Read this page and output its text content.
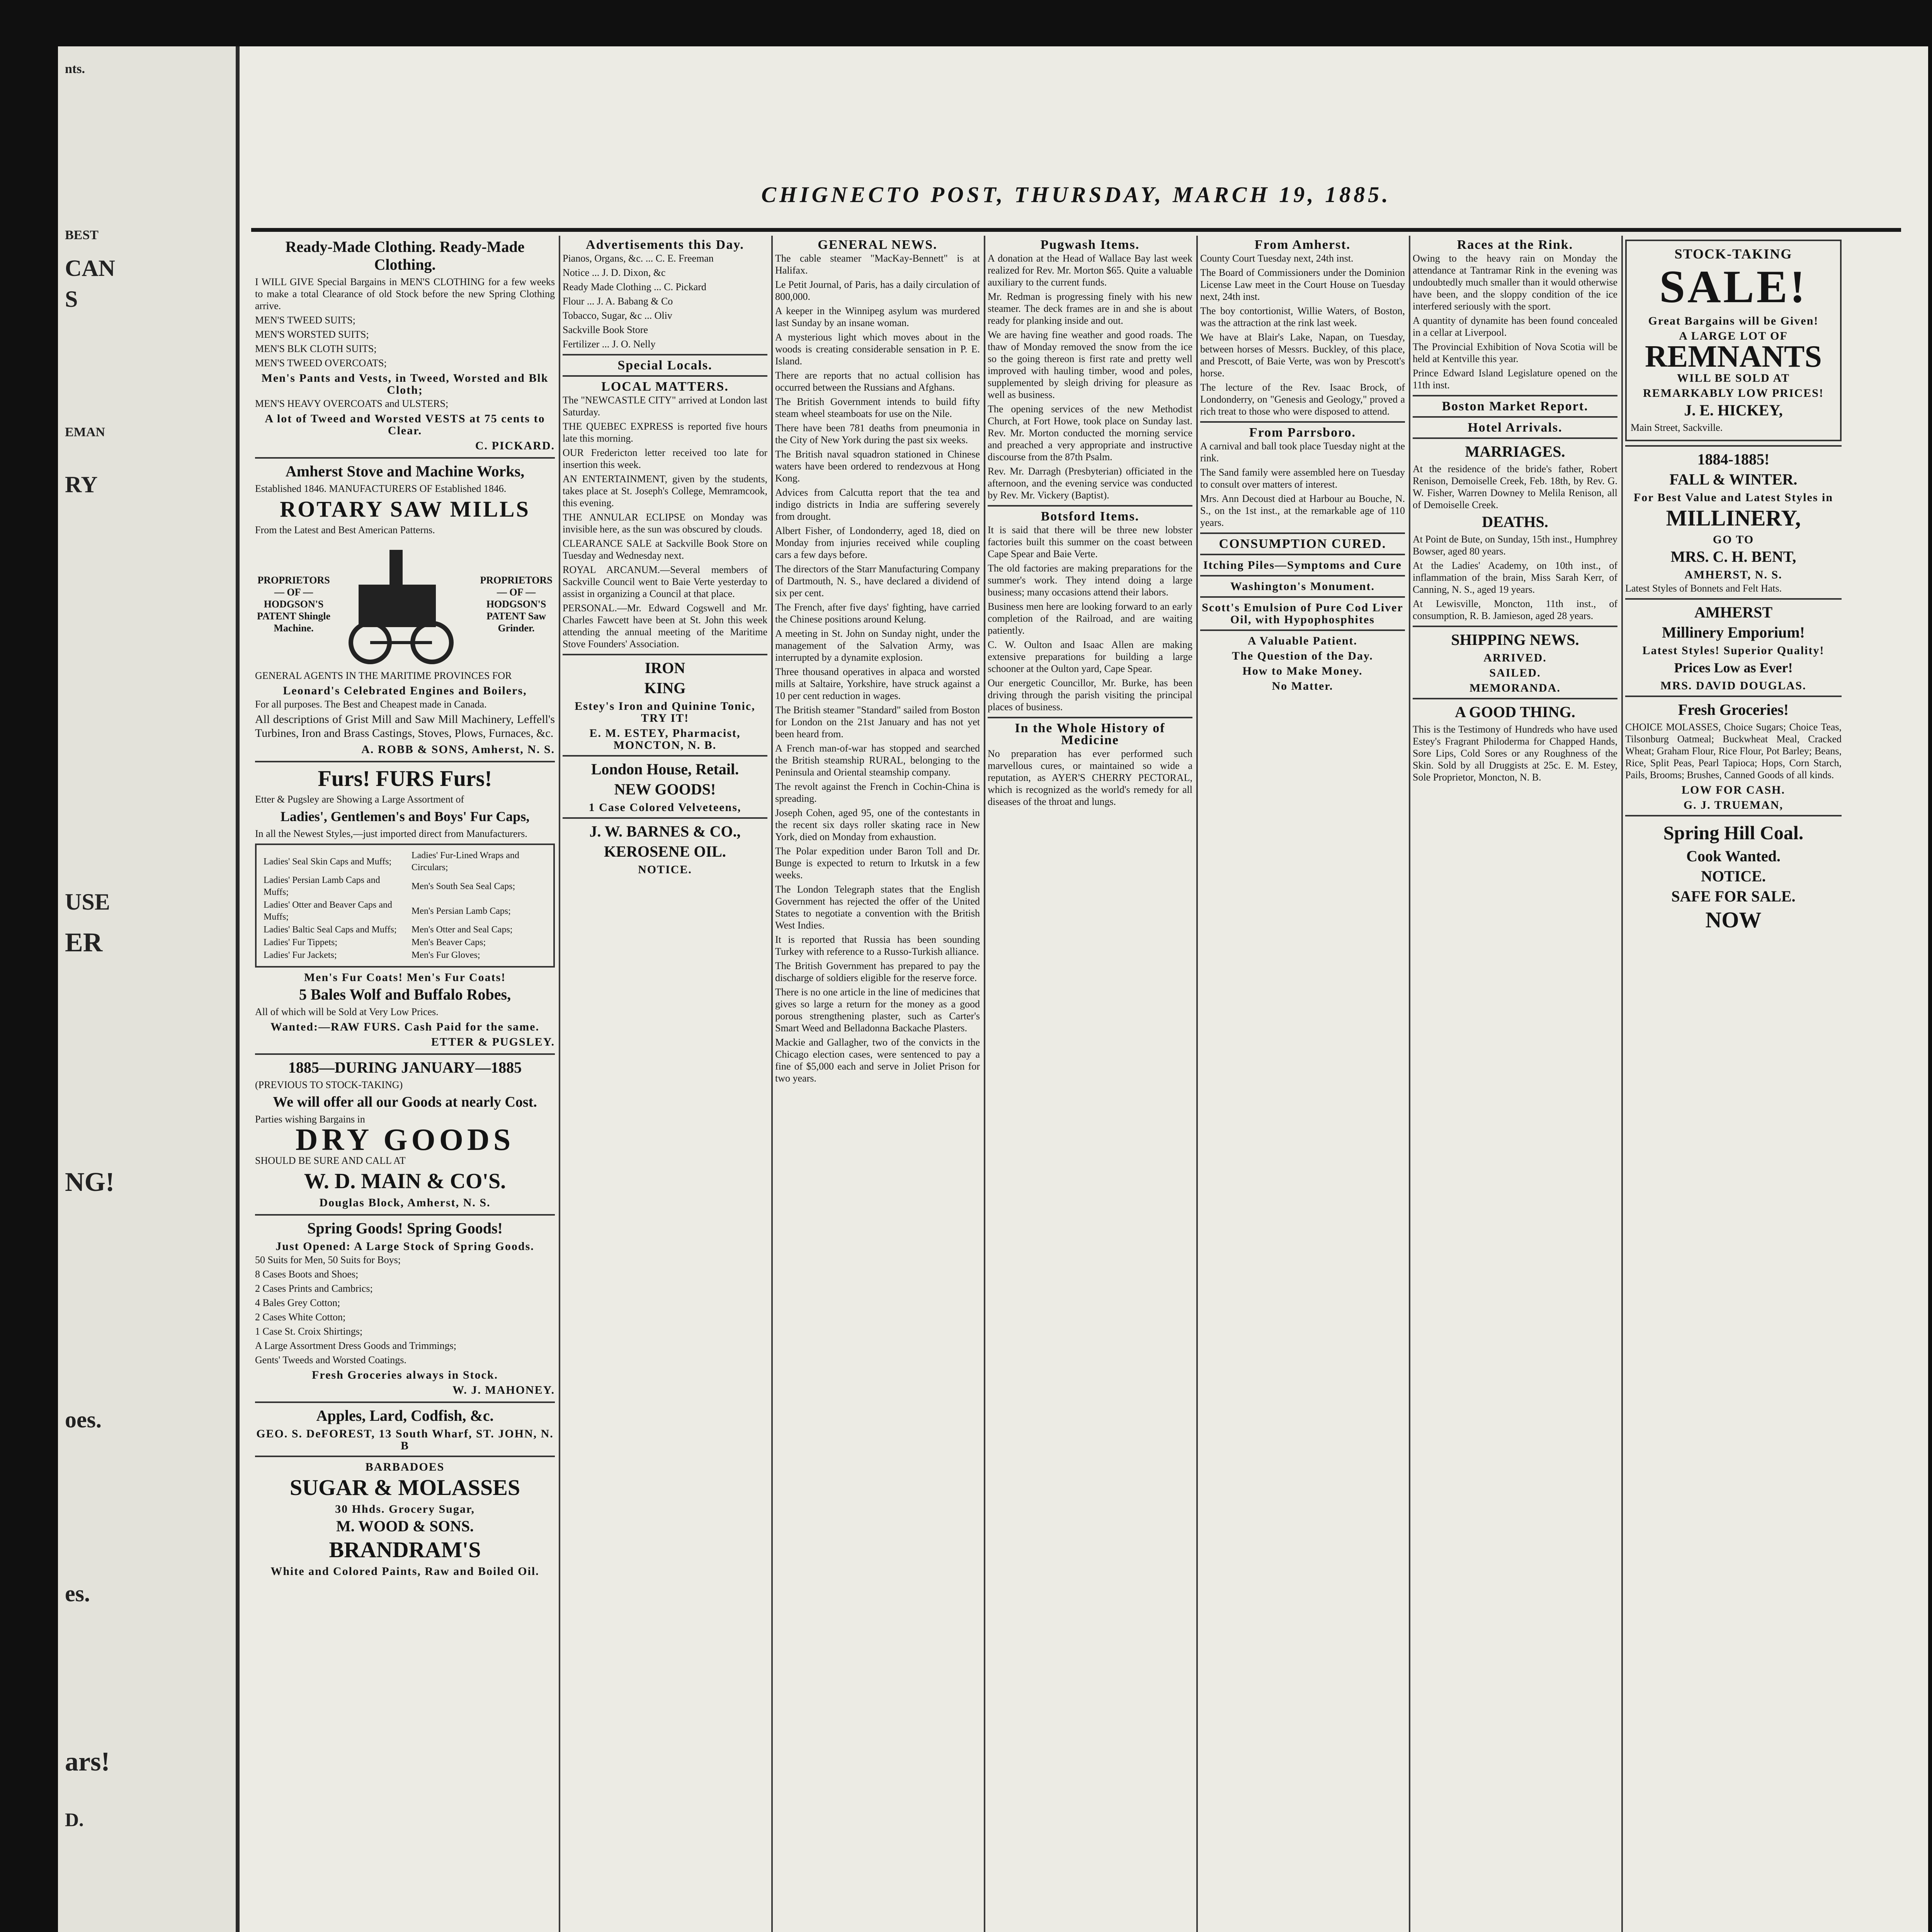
nts.
BEST
CAN
S
EMAN
RY
USE
ER
NG!
oes.
es.
ars!
D.
CHIGNECTO POST, THURSDAY, MARCH 19, 1885.
Ready-Made Clothing. Ready-Made Clothing.

I WILL GIVE Special Bargains in MEN'S CLOTHING for a few weeks to make a total Clearance of old Stock before the new Spring Clothing arrive.

MEN'S TWEED SUITS;

MEN'S WORSTED SUITS;

MEN'S BLK CLOTH SUITS;

MEN'S TWEED OVERCOATS;

Men's Pants and Vests, in Tweed, Worsted and Blk Cloth;

MEN'S HEAVY OVERCOATS and ULSTERS;

A lot of Tweed and Worsted VESTS at 75 cents to Clear.
C. PICKARD.
Amherst Stove and Machine Works,

Established 1846. MANUFACTURERS OF Established 1846.

ROTARY SAW MILLS

From the Latest and Best American Patterns.

PROPRIETORS — OF — HODGSON'S PATENT Shingle Machine.
PROPRIETORS — OF — HODGSON'S PATENT Saw Grinder.

GENERAL AGENTS IN THE MARITIME PROVINCES FOR

Leonard's Celebrated Engines and Boilers,

For all purposes. The Best and Cheapest made in Canada.

All descriptions of Grist Mill and Saw Mill Machinery, Leffell's Turbines, Iron and Brass Castings, Stoves, Plows, Furnaces, &c.

A. ROBB & SONS, Amherst, N. S.
Furs! FURS Furs!

Etter & Pugsley are Showing a Large Assortment of

Ladies', Gentlemen's and Boys' Fur Caps,

In all the Newest Styles,—just imported direct from Manufacturers.

Ladies' Seal Skin Caps and Muffs;	Ladies' Fur-Lined Wraps and Circulars;
Ladies' Persian Lamb Caps and Muffs;	Men's South Sea Seal Caps;
Ladies' Otter and Beaver Caps and Muffs;	Men's Persian Lamb Caps;
Ladies' Baltic Seal Caps and Muffs;	Men's Otter and Seal Caps;
Ladies' Fur Tippets;	Men's Beaver Caps;
Ladies' Fur Jackets;	Men's Fur Gloves;
Men's Fur Coats! Men's Fur Coats!
5 Bales Wolf and Buffalo Robes,

All of which will be Sold at Very Low Prices.

Wanted:—RAW FURS. Cash Paid for the same.
ETTER & PUGSLEY.
1885—DURING JANUARY—1885

(PREVIOUS TO STOCK-TAKING)

We will offer all our Goods at nearly Cost.

Parties wishing Bargains in

DRY GOODS

SHOULD BE SURE AND CALL AT

W. D. MAIN & CO'S.
Douglas Block, Amherst, N. S.
Spring Goods! Spring Goods!
Just Opened: A Large Stock of Spring Goods.

50 Suits for Men, 50 Suits for Boys;

8 Cases Boots and Shoes;

2 Cases Prints and Cambrics;

4 Bales Grey Cotton;

2 Cases White Cotton;

1 Case St. Croix Shirtings;

A Large Assortment Dress Goods and Trimmings;

Gents' Tweeds and Worsted Coatings.

Fresh Groceries always in Stock.
W. J. MAHONEY.
Apples, Lard, Codfish, &c.
GEO. S. DeFOREST, 13 South Wharf, ST. JOHN, N. B
BARBADOES
SUGAR & MOLASSES
30 Hhds. Grocery Sugar,
M. WOOD & SONS.
BRANDRAM'S
White and Colored Paints, Raw and Boiled Oil.
Advertisements this Day.

Pianos, Organs, &c. ... C. E. Freeman

Notice ... J. D. Dixon, &c

Ready Made Clothing ... C. Pickard

Flour ... J. A. Babang & Co

Tobacco, Sugar, &c ... Oliv

Sackville Book Store

Fertilizer ... J. O. Nelly

Special Locals.
LOCAL MATTERS.

The "NEWCASTLE CITY" arrived at London last Saturday.

THE QUEBEC EXPRESS is reported five hours late this morning.

OUR Fredericton letter received too late for insertion this week.

AN ENTERTAINMENT, given by the students, takes place at St. Joseph's College, Memramcook, this evening.

THE ANNULAR ECLIPSE on Monday was invisible here, as the sun was obscured by clouds.

CLEARANCE SALE at Sackville Book Store on Tuesday and Wednesday next.

ROYAL ARCANUM.—Several members of Sackville Council went to Baie Verte yesterday to assist in organizing a Council at that place.

PERSONAL.—Mr. Edward Cogswell and Mr. Charles Fawcett have been at St. John this week attending the annual meeting of the Maritime Stove Founders' Association.

IRON
KING
Estey's Iron and Quinine Tonic, TRY IT!
E. M. ESTEY, Pharmacist, MONCTON, N. B.
London House, Retail.
NEW GOODS!
1 Case Colored Velveteens,
J. W. BARNES & CO.,
KEROSENE OIL.
NOTICE.
GENERAL NEWS.

The cable steamer "MacKay-Bennett" is at Halifax.

Le Petit Journal, of Paris, has a daily circulation of 800,000.

A keeper in the Winnipeg asylum was murdered last Sunday by an insane woman.

A mysterious light which moves about in the woods is creating considerable sensation in P. E. Island.

There are reports that no actual collision has occurred between the Russians and Afghans.

The British Government intends to build fifty steam wheel steamboats for use on the Nile.

There have been 781 deaths from pneumonia in the City of New York during the past six weeks.

The British naval squadron stationed in Chinese waters have been ordered to rendezvous at Hong Kong.

Advices from Calcutta report that the tea and indigo districts in India are suffering severely from drought.

Albert Fisher, of Londonderry, aged 18, died on Monday from injuries received while coupling cars a few days before.

The directors of the Starr Manufacturing Company of Dartmouth, N. S., have declared a dividend of six per cent.

The French, after five days' fighting, have carried the Chinese positions around Kelung.

A meeting in St. John on Sunday night, under the management of the Salvation Army, was interrupted by a dynamite explosion.

Three thousand operatives in alpaca and worsted mills at Saltaire, Yorkshire, have struck against a 10 per cent reduction in wages.

The British steamer "Standard" sailed from Boston for London on the 21st January and has not yet been heard from.

A French man-of-war has stopped and searched the British steamship RURAL, belonging to the Peninsula and Oriental steamship company.

The revolt against the French in Cochin-China is spreading.

Joseph Cohen, aged 95, one of the contestants in the recent six days roller skating race in New York, died on Monday from exhaustion.

The Polar expedition under Baron Toll and Dr. Bunge is expected to return to Irkutsk in a few weeks.

The London Telegraph states that the English Government has rejected the offer of the United States to negotiate a convention with the British West Indies.

It is reported that Russia has been sounding Turkey with reference to a Russo-Turkish alliance.

The British Government has prepared to pay the discharge of soldiers eligible for the reserve force.

There is no one article in the line of medicines that gives so large a return for the money as a good porous strengthening plaster, such as Carter's Smart Weed and Belladonna Backache Plasters.

Mackie and Gallagher, two of the convicts in the Chicago election cases, were sentenced to pay a fine of $5,000 each and serve in Joliet Prison for two years.

Pugwash Items.

A donation at the Head of Wallace Bay last week realized for Rev. Mr. Morton $65. Quite a valuable auxiliary to the current funds.

Mr. Redman is progressing finely with his new steamer. The deck frames are in and she is about ready for planking inside and out.

We are having fine weather and good roads. The thaw of Monday removed the snow from the ice so the going thereon is first rate and pretty well improved with hauling timber, wood and poles, supplemented by sleigh driving for pleasure as well as business.

The opening services of the new Methodist Church, at Fort Howe, took place on Sunday last. Rev. Mr. Morton conducted the morning service and preached a very appropriate and instructive discourse from the 87th Psalm.

Rev. Mr. Darragh (Presbyterian) officiated in the afternoon, and the evening service was conducted by Rev. Mr. Vickery (Baptist).

Botsford Items.

It is said that there will be three new lobster factories built this summer on the coast between Cape Spear and Baie Verte.

The old factories are making preparations for the summer's work. They intend doing a large business; many occasions attend their labors.

Business men here are looking forward to an early completion of the Railroad, and are waiting patiently.

C. W. Oulton and Isaac Allen are making extensive preparations for building a large schooner at the Oulton yard, Cape Spear.

Our energetic Councillor, Mr. Burke, has been driving through the parish visiting the principal places of business.

In the Whole History of Medicine

No preparation has ever performed such marvellous cures, or maintained so wide a reputation, as AYER'S CHERRY PECTORAL, which is recognized as the world's remedy for all diseases of the throat and lungs.

From Amherst.

County Court Tuesday next, 24th inst.

The Board of Commissioners under the Dominion License Law meet in the Court House on Tuesday next, 24th inst.

The boy contortionist, Willie Waters, of Boston, was the attraction at the rink last week.

We have at Blair's Lake, Napan, on Tuesday, between horses of Messrs. Buckley, of this place, and Prescott, of Baie Verte, was won by Prescott's horse.

The lecture of the Rev. Isaac Brock, of Londonderry, on "Genesis and Geology," proved a rich treat to those who were disposed to attend.

From Parrsboro.

A carnival and ball took place Tuesday night at the rink.

The Sand family were assembled here on Tuesday to consult over matters of interest.

Mrs. Ann Decoust died at Harbour au Bouche, N. S., on the 1st inst., at the remarkable age of 110 years.

CONSUMPTION CURED.
Itching Piles—Symptoms and Cure
Washington's Monument.
Scott's Emulsion of Pure Cod Liver Oil, with Hypophosphites
A Valuable Patient.
The Question of the Day.
How to Make Money.
No Matter.
Races at the Rink.

Owing to the heavy rain on Monday the attendance at Tantramar Rink in the evening was undoubtedly much smaller than it would otherwise have been, and the sloppy condition of the ice interfered seriously with the sport.

A quantity of dynamite has been found concealed in a cellar at Liverpool.

The Provincial Exhibition of Nova Scotia will be held at Kentville this year.

Prince Edward Island Legislature opened on the 11th inst.

Boston Market Report.
Hotel Arrivals.
MARRIAGES.

At the residence of the bride's father, Robert Renison, Demoiselle Creek, Feb. 18th, by Rev. G. W. Fisher, Warren Downey to Melila Renison, all of Demoiselle Creek.

DEATHS.

At Point de Bute, on Sunday, 15th inst., Humphrey Bowser, aged 80 years.

At the Ladies' Academy, on 10th inst., of inflammation of the brain, Miss Sarah Kerr, of Canning, N. S., aged 19 years.

At Lewisville, Moncton, 11th inst., of consumption, R. B. Jamieson, aged 28 years.

SHIPPING NEWS.
ARRIVED.
SAILED.
MEMORANDA.
A GOOD THING.

This is the Testimony of Hundreds who have used Estey's Fragrant Philoderma for Chapped Hands, Sore Lips, Cold Sores or any Roughness of the Skin. Sold by all Druggists at 25c. E. M. Estey, Sole Proprietor, Moncton, N. B.

STOCK-TAKING
SALE!
Great Bargains will be Given!
A LARGE LOT OF
REMNANTS
WILL BE SOLD AT
REMARKABLY LOW PRICES!
J. E. HICKEY,

Main Street, Sackville.

1884-1885!
FALL & WINTER.
For Best Value and Latest Styles in
MILLINERY,
GO TO
MRS. C. H. BENT,
AMHERST, N. S.

Latest Styles of Bonnets and Felt Hats.

AMHERST
Millinery Emporium!
Latest Styles! Superior Quality!
Prices Low as Ever!
MRS. DAVID DOUGLAS.
Fresh Groceries!

CHOICE MOLASSES, Choice Sugars; Choice Teas, Tilsonburg Oatmeal; Buckwheat Meal, Cracked Wheat; Graham Flour, Rice Flour, Pot Barley; Beans, Rice, Split Peas, Pearl Tapioca; Hops, Corn Starch, Pails, Brooms; Brushes, Canned Goods of all kinds.

LOW FOR CASH.
G. J. TRUEMAN,
Spring Hill Coal.
Cook Wanted.
NOTICE.
SAFE FOR SALE.
NOW
